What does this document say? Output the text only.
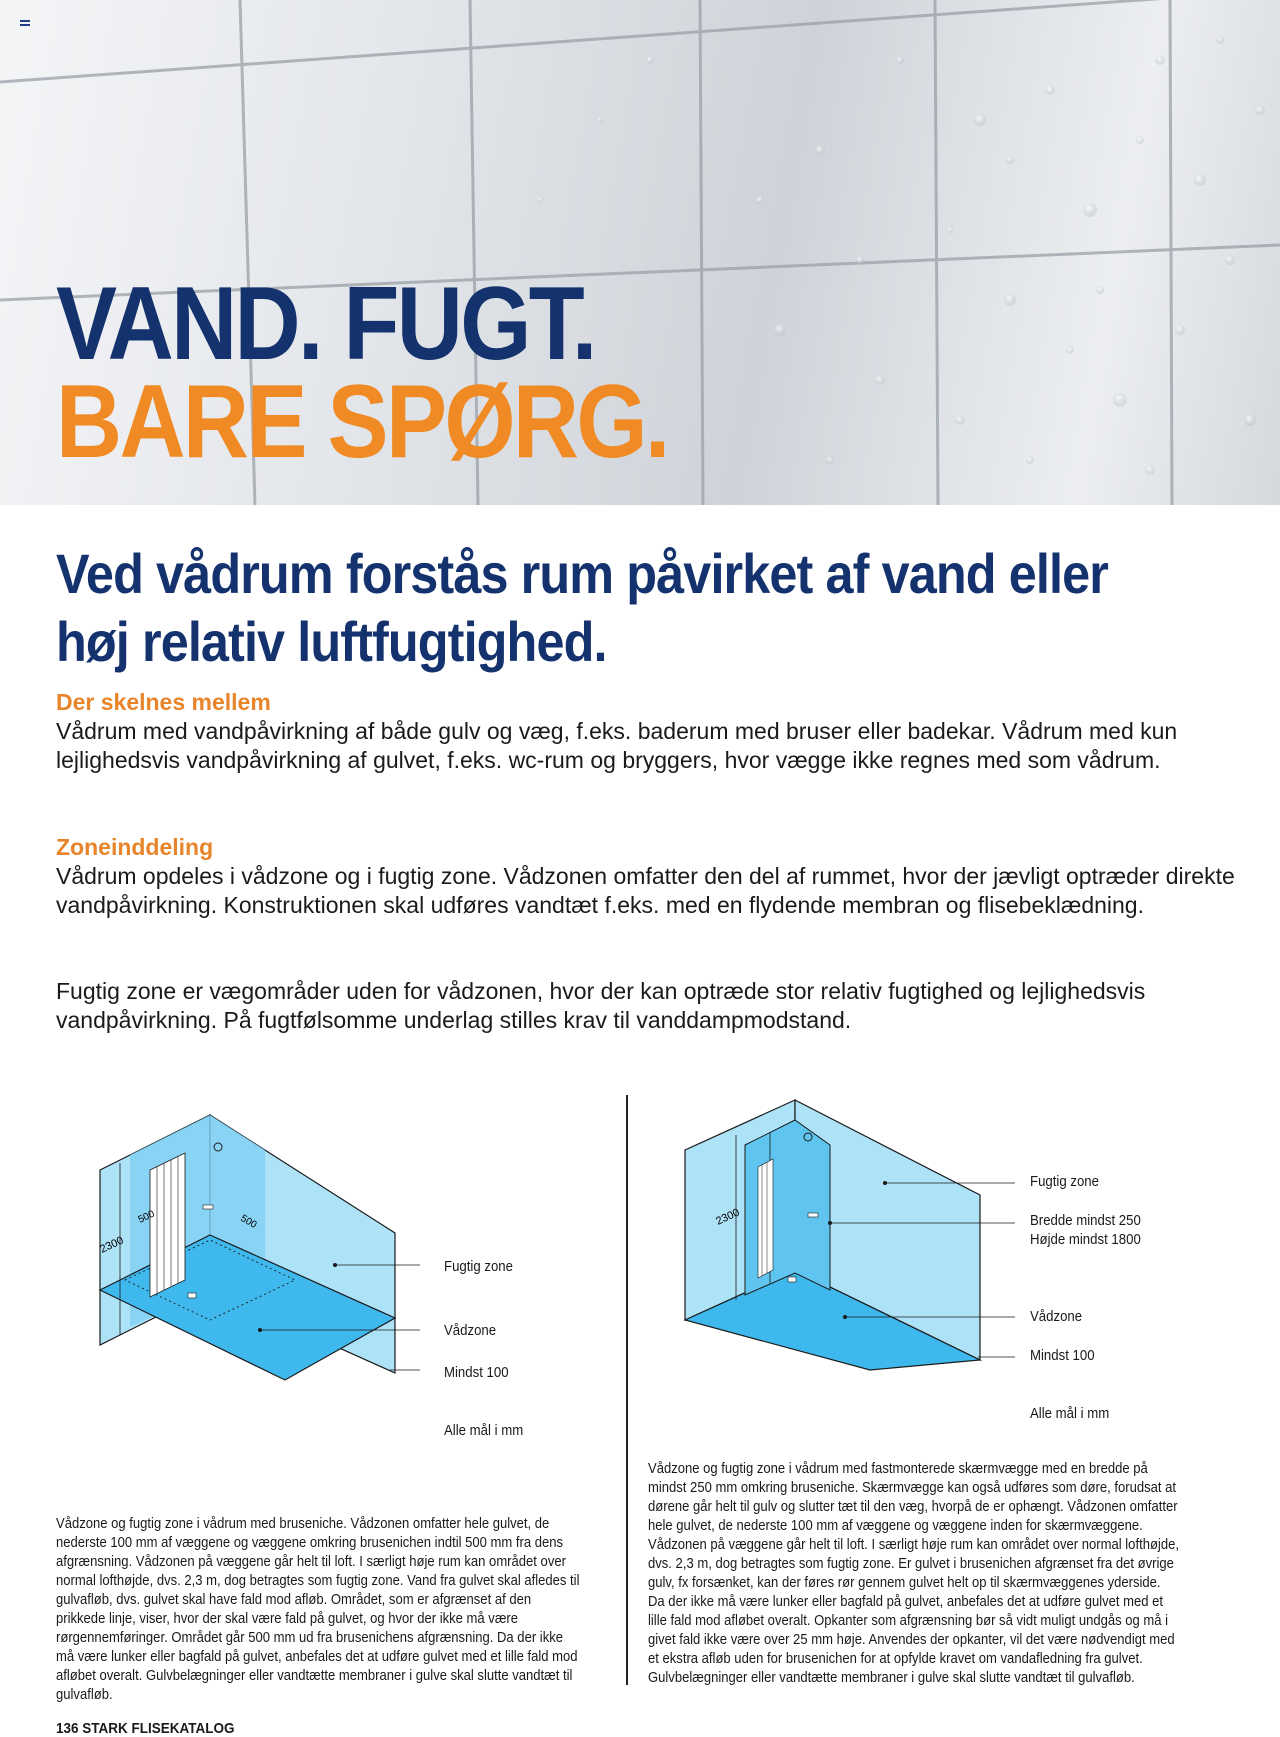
VAND. FUGT.
BARE SPØRG.
Ved vådrum forstås rum påvirket af vand eller høj relativ luftfugtighed.
Der skelnes mellem

Vådrum med vandpåvirkning af både gulv og væg, f.eks. baderum med bruser eller badekar. Vådrum med kun lejlighedsvis vandpåvirkning af gulvet, f.eks. wc-rum og bryggers, hvor vægge ikke regnes med som vådrum.

Zoneinddeling

Vådrum opdeles i vådzone og i fugtig zone. Vådzonen omfatter den del af rummet, hvor der jævligt optræder direkte vandpåvirkning. Konstruktionen skal udføres vandtæt f.eks. med en flydende membran og flisebeklædning.

Fugtig zone er vægområder uden for vådzonen, hvor der kan optræde stor relativ fugtighed og lejlighedsvis vandpåvirkning. På fugtfølsomme underlag stilles krav til vanddampmodstand.

2300
500	500
Fugtig zone
Vådzone
Mindst 100
Alle mål i mm

Vådzone og fugtig zone i vådrum med bruseniche. Vådzonen omfatter hele gulvet, de nederste 100 mm af væggene og væggene omkring brusenichen indtil 500 mm fra dens afgrænsning. Vådzonen på væggene går helt til loft. I særligt høje rum kan området over normal lofthøjde, dvs. 2,3 m, dog betragtes som fugtig zone. Vand fra gulvet skal afledes til gulvafløb, dvs. gulvet skal have fald mod afløb. Området, som er afgrænset af den prikkede linje, viser, hvor der skal være fald på gulvet, og hvor der ikke må være rørgennemføringer. Området går 500 mm ud fra brusenichens afgrænsning. Da der ikke må være lunker eller bagfald på gulvet, anbefales det at udføre gulvet med et lille fald mod afløbet overalt. Gulvbelægninger eller vandtætte membraner i gulve skal slutte vandtæt til gulvafløb.

2300
Fugtig zone
Bredde mindst 250
Højde mindst 1800
Vådzone
Mindst 100
Alle mål i mm

Vådzone og fugtig zone i vådrum med fastmonterede skærmvægge med en bredde på mindst 250 mm omkring bruseniche. Skærmvægge kan også udføres som døre, forudsat at dørene går helt til gulv og slutter tæt til den væg, hvorpå de er ophængt. Vådzonen omfatter hele gulvet, de nederste 100 mm af væggene og væggene inden for skærmvæggene. Vådzonen på væggene går helt til loft. I særligt høje rum kan området over normal lofthøjde, dvs. 2,3 m, dog betragtes som fugtig zone. Er gulvet i brusenichen afgrænset fra det øvrige gulv, fx forsænket, kan der føres rør gennem gulvet helt op til skærmvæggenes yderside. Da der ikke må være lunker eller bagfald på gulvet, anbefales det at udføre gulvet med et lille fald mod afløbet overalt. Opkanter som afgrænsning bør så vidt muligt undgås og må i givet fald ikke være over 25 mm høje. Anvendes der opkanter, vil det være nødvendigt med et ekstra afløb uden for brusenichen for at opfylde kravet om vandafledning fra gulvet. Gulvbelægninger eller vandtætte membraner i gulve skal slutte vandtæt til gulvafløb.

136 STARK FLISEKATALOG
